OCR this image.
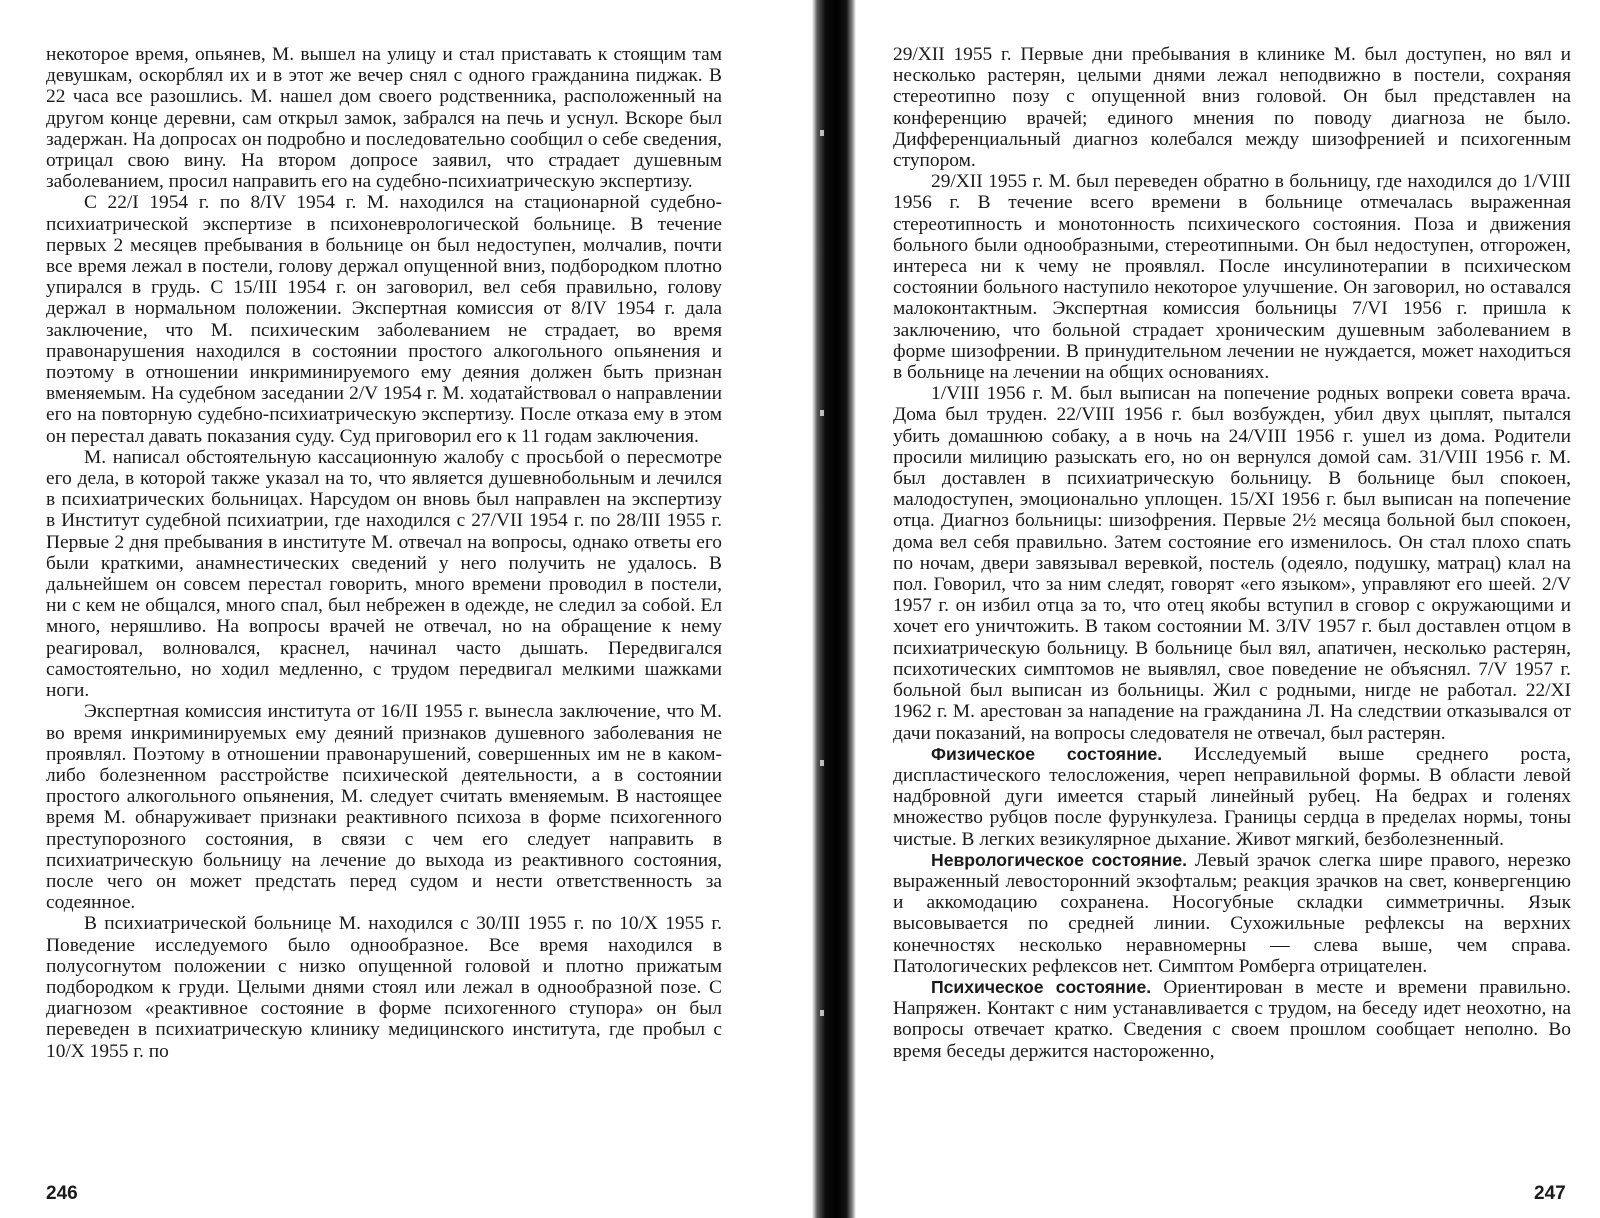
некоторое время, опьянев, М. вышел на улицу и стал приставать к стоящим там девушкам, оскорблял их и в этот же вечер снял с одного гражданина пиджак. В 22 часа все разошлись. М. нашел дом своего родственника, расположенный на другом конце деревни, сам открыл замок, забрался на печь и уснул. Вскоре был задержан. На допросах он подробно и последовательно сообщил о себе сведения, отрицал свою вину. На втором допросе заявил, что страдает душевным заболеванием, просил направить его на судебно-психиатрическую экспертизу.

С 22/I 1954 г. по 8/IV 1954 г. М. находился на стационарной судебно-психиатрической экспертизе в психоневрологической больнице. В течение первых 2 месяцев пребывания в больнице он был недоступен, молчалив, почти все время лежал в постели, голову держал опущенной вниз, подбородком плотно упирался в грудь. С 15/III 1954 г. он заговорил, вел себя правильно, голову держал в нормальном положении. Экспертная комиссия от 8/IV 1954 г. дала заключение, что М. психическим заболеванием не страдает, во время правонарушения находился в состоянии простого алкогольного опьянения и поэтому в отношении инкриминируемого ему деяния должен быть признан вменяемым. На судебном заседании 2/V 1954 г. М. ходатайствовал о направлении его на повторную судебно-психиатрическую экспертизу. После отказа ему в этом он перестал давать показания суду. Суд приговорил его к 11 годам заключения.

М. написал обстоятельную кассационную жалобу с просьбой о пересмотре его дела, в которой также указал на то, что является душевнобольным и лечился в психиатрических больницах. Нарсудом он вновь был направлен на экспертизу в Институт судебной психиатрии, где находился с 27/VII 1954 г. по 28/III 1955 г. Первые 2 дня пребывания в институте М. отвечал на вопросы, однако ответы его были краткими, анамнестических сведений у него получить не удалось. В дальнейшем он совсем перестал говорить, много времени проводил в постели, ни с кем не общался, много спал, был небрежен в одежде, не следил за собой. Ел много, неряшливо. На вопросы врачей не отвечал, но на обращение к нему реагировал, волновался, краснел, начинал часто дышать. Передвигался самостоятельно, но ходил медленно, с трудом передвигал мелкими шажками ноги.

Экспертная комиссия института от 16/II 1955 г. вынесла заключение, что М. во время инкриминируемых ему деяний признаков душевного заболевания не проявлял. Поэтому в отношении правонарушений, совершенных им не в каком-либо болезненном расстройстве психической деятельности, а в состоянии простого алкогольного опьянения, М. следует считать вменяемым. В настоящее время М. обнаруживает признаки реактивного психоза в форме психогенного преступорозного состояния, в связи с чем его следует направить в психиатрическую больницу на лечение до выхода из реактивного состояния, после чего он может предстать перед судом и нести ответственность за содеянное.

В психиатрической больнице М. находился с 30/III 1955 г. по 10/X 1955 г. Поведение исследуемого было однообразное. Все время находился в полусогнутом положении с низко опущенной головой и плотно прижатым подбородком к груди. Целыми днями стоял или лежал в однообразной позе. С диагнозом «реактивное состояние в форме психогенного ступора» он был переведен в психиатрическую клинику медицинского института, где пробыл с 10/X 1955 г. по

246

29/XII 1955 г. Первые дни пребывания в клинике М. был доступен, но вял и несколько растерян, целыми днями лежал неподвижно в постели, сохраняя стереотипно позу с опущенной вниз головой. Он был представлен на конференцию врачей; единого мнения по поводу диагноза не было. Дифференциальный диагноз колебался между шизофренией и психогенным ступором.

29/XII 1955 г. М. был переведен обратно в больницу, где находился до 1/VIII 1956 г. В течение всего времени в больнице отмечалась выраженная стереотипность и монотонность психического состояния. Поза и движения больного были однообразными, стереотипными. Он был недоступен, отгорожен, интереса ни к чему не проявлял. После инсулинотерапии в психическом состоянии больного наступило некоторое улучшение. Он заговорил, но оставался малоконтактным. Экспертная комиссия больницы 7/VI 1956 г. пришла к заключению, что больной страдает хроническим душевным заболеванием в форме шизофрении. В принудительном лечении не нуждается, может находиться в больнице на лечении на общих основаниях.

1/VIII 1956 г. М. был выписан на попечение родных вопреки совета врача. Дома был труден. 22/VIII 1956 г. был возбужден, убил двух цыплят, пытался убить домашнюю собаку, а в ночь на 24/VIII 1956 г. ушел из дома. Родители просили милицию разыскать его, но он вернулся домой сам. 31/VIII 1956 г. М. был доставлен в психиатрическую больницу. В больнице был спокоен, малодоступен, эмоционально уплощен. 15/XI 1956 г. был выписан на попечение отца. Диагноз больницы: шизофрения. Первые 2½ месяца больной был спокоен, дома вел себя правильно. Затем состояние его изменилось. Он стал плохо спать по ночам, двери завязывал веревкой, постель (одеяло, подушку, матрац) клал на пол. Говорил, что за ним следят, говорят «его языком», управляют его шеей. 2/V 1957 г. он избил отца за то, что отец якобы вступил в сговор с окружающими и хочет его уничтожить. В таком состоянии М. 3/IV 1957 г. был доставлен отцом в психиатрическую больницу. В больнице был вял, апатичен, несколько растерян, психотических симптомов не выявлял, свое поведение не объяснял. 7/V 1957 г. больной был выписан из больницы. Жил с родными, нигде не работал. 22/XI 1962 г. М. арестован за нападение на гражданина Л. На следствии отказывался от дачи показаний, на вопросы следователя не отвечал, был растерян.

Физическое состояние. Исследуемый выше среднего роста, диспластического телосложения, череп неправильной формы. В области левой надбровной дуги имеется старый линейный рубец. На бедрах и голенях множество рубцов после фурункулеза. Границы сердца в пределах нормы, тоны чистые. В легких везикулярное дыхание. Живот мягкий, безболезненный.

Неврологическое состояние. Левый зрачок слегка шире правого, нерезко выраженный левосторонний экзофтальм; реакция зрачков на свет, конвергенцию и аккомодацию сохранена. Носогубные складки симметричны. Язык высовывается по средней линии. Сухожильные рефлексы на верхних конечностях несколько неравномерны — слева выше, чем справа. Патологических рефлексов нет. Симптом Ромберга отрицателен.

Психическое состояние. Ориентирован в месте и времени правильно. Напряжен. Контакт с ним устанавливается с трудом, на беседу идет неохотно, на вопросы отвечает кратко. Сведения с своем прошлом сообщает неполно. Во время беседы держится настороженно,

247
